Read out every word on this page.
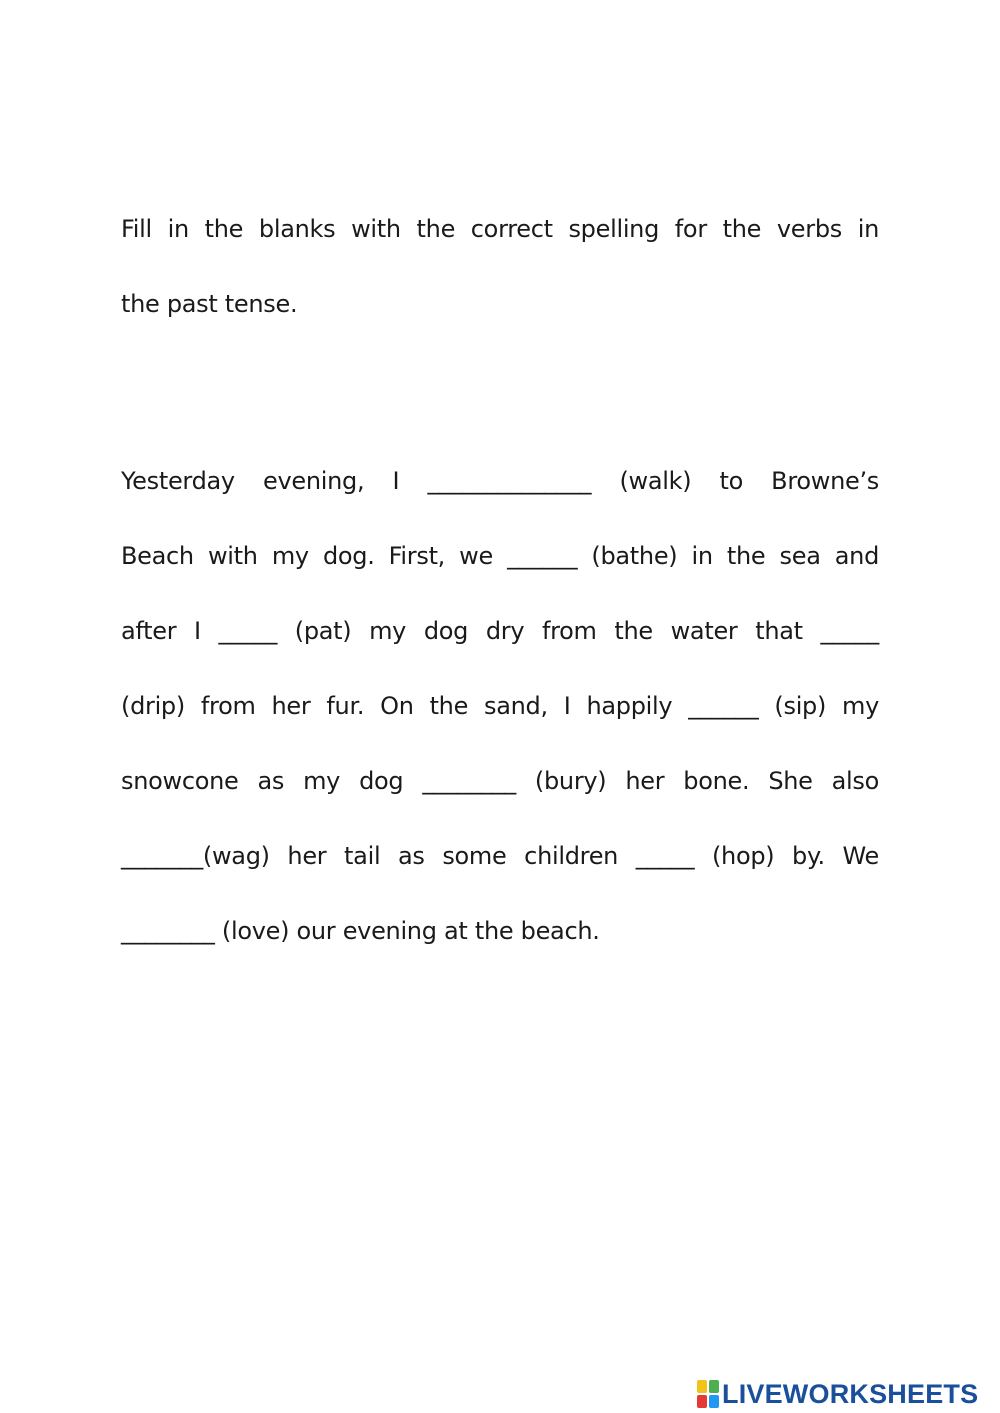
Fill in the blanks with the correct spelling for the verbs in
the past tense.
Yesterday evening, I ______________ (walk) to Browne’s
Beach with my dog. First, we ______ (bathe) in the sea and
after I _____ (pat) my dog dry from the water that _____
(drip) from her fur. On the sand, I happily ______ (sip) my
snowcone as my dog ________ (bury) her bone. She also
_______(wag) her tail as some children _____ (hop) by. We
________ (love) our evening at the beach.
LIVEWORKSHEETS
